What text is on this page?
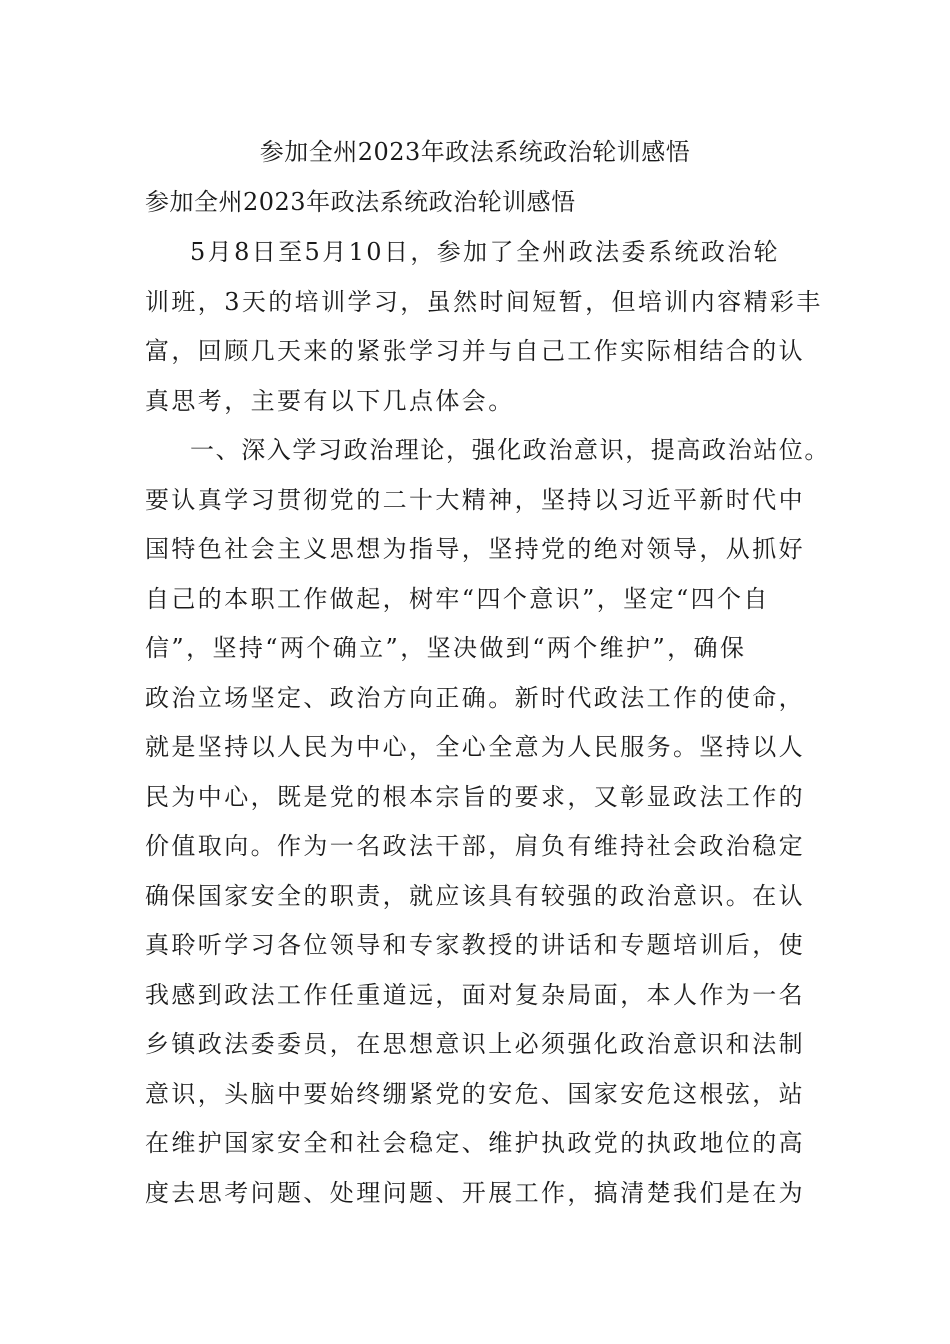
参加全州2023年政法系统政治轮训感悟
参加全州2023年政法系统政治轮训感悟

5月8日至5月10日，参加了全州政法委系统政治轮

训班，3天的培训学习，虽然时间短暂，但培训内容精彩丰

富，回顾几天来的紧张学习并与自己工作实际相结合的认

真思考，主要有以下几点体会。

一、深入学习政治理论，强化政治意识，提高政治站位。

要认真学习贯彻党的二十大精神，坚持以习近平新时代中

国特色社会主义思想为指导，坚持党的绝对领导，从抓好

自己的本职工作做起，树牢“四个意识”，坚定“四个自

信”，坚持“两个确立”，坚决做到“两个维护”，确保

政治立场坚定、政治方向正确。新时代政法工作的使命，

就是坚持以人民为中心，全心全意为人民服务。坚持以人

民为中心，既是党的根本宗旨的要求，又彰显政法工作的

价值取向。作为一名政法干部，肩负有维持社会政治稳定

确保国家安全的职责，就应该具有较强的政治意识。在认

真聆听学习各位领导和专家教授的讲话和专题培训后，使

我感到政法工作任重道远，面对复杂局面，本人作为一名

乡镇政法委委员，在思想意识上必须强化政治意识和法制

意识，头脑中要始终绷紧党的安危、国家安危这根弦，站

在维护国家安全和社会稳定、维护执政党的执政地位的高

度去思考问题、处理问题、开展工作，搞清楚我们是在为
